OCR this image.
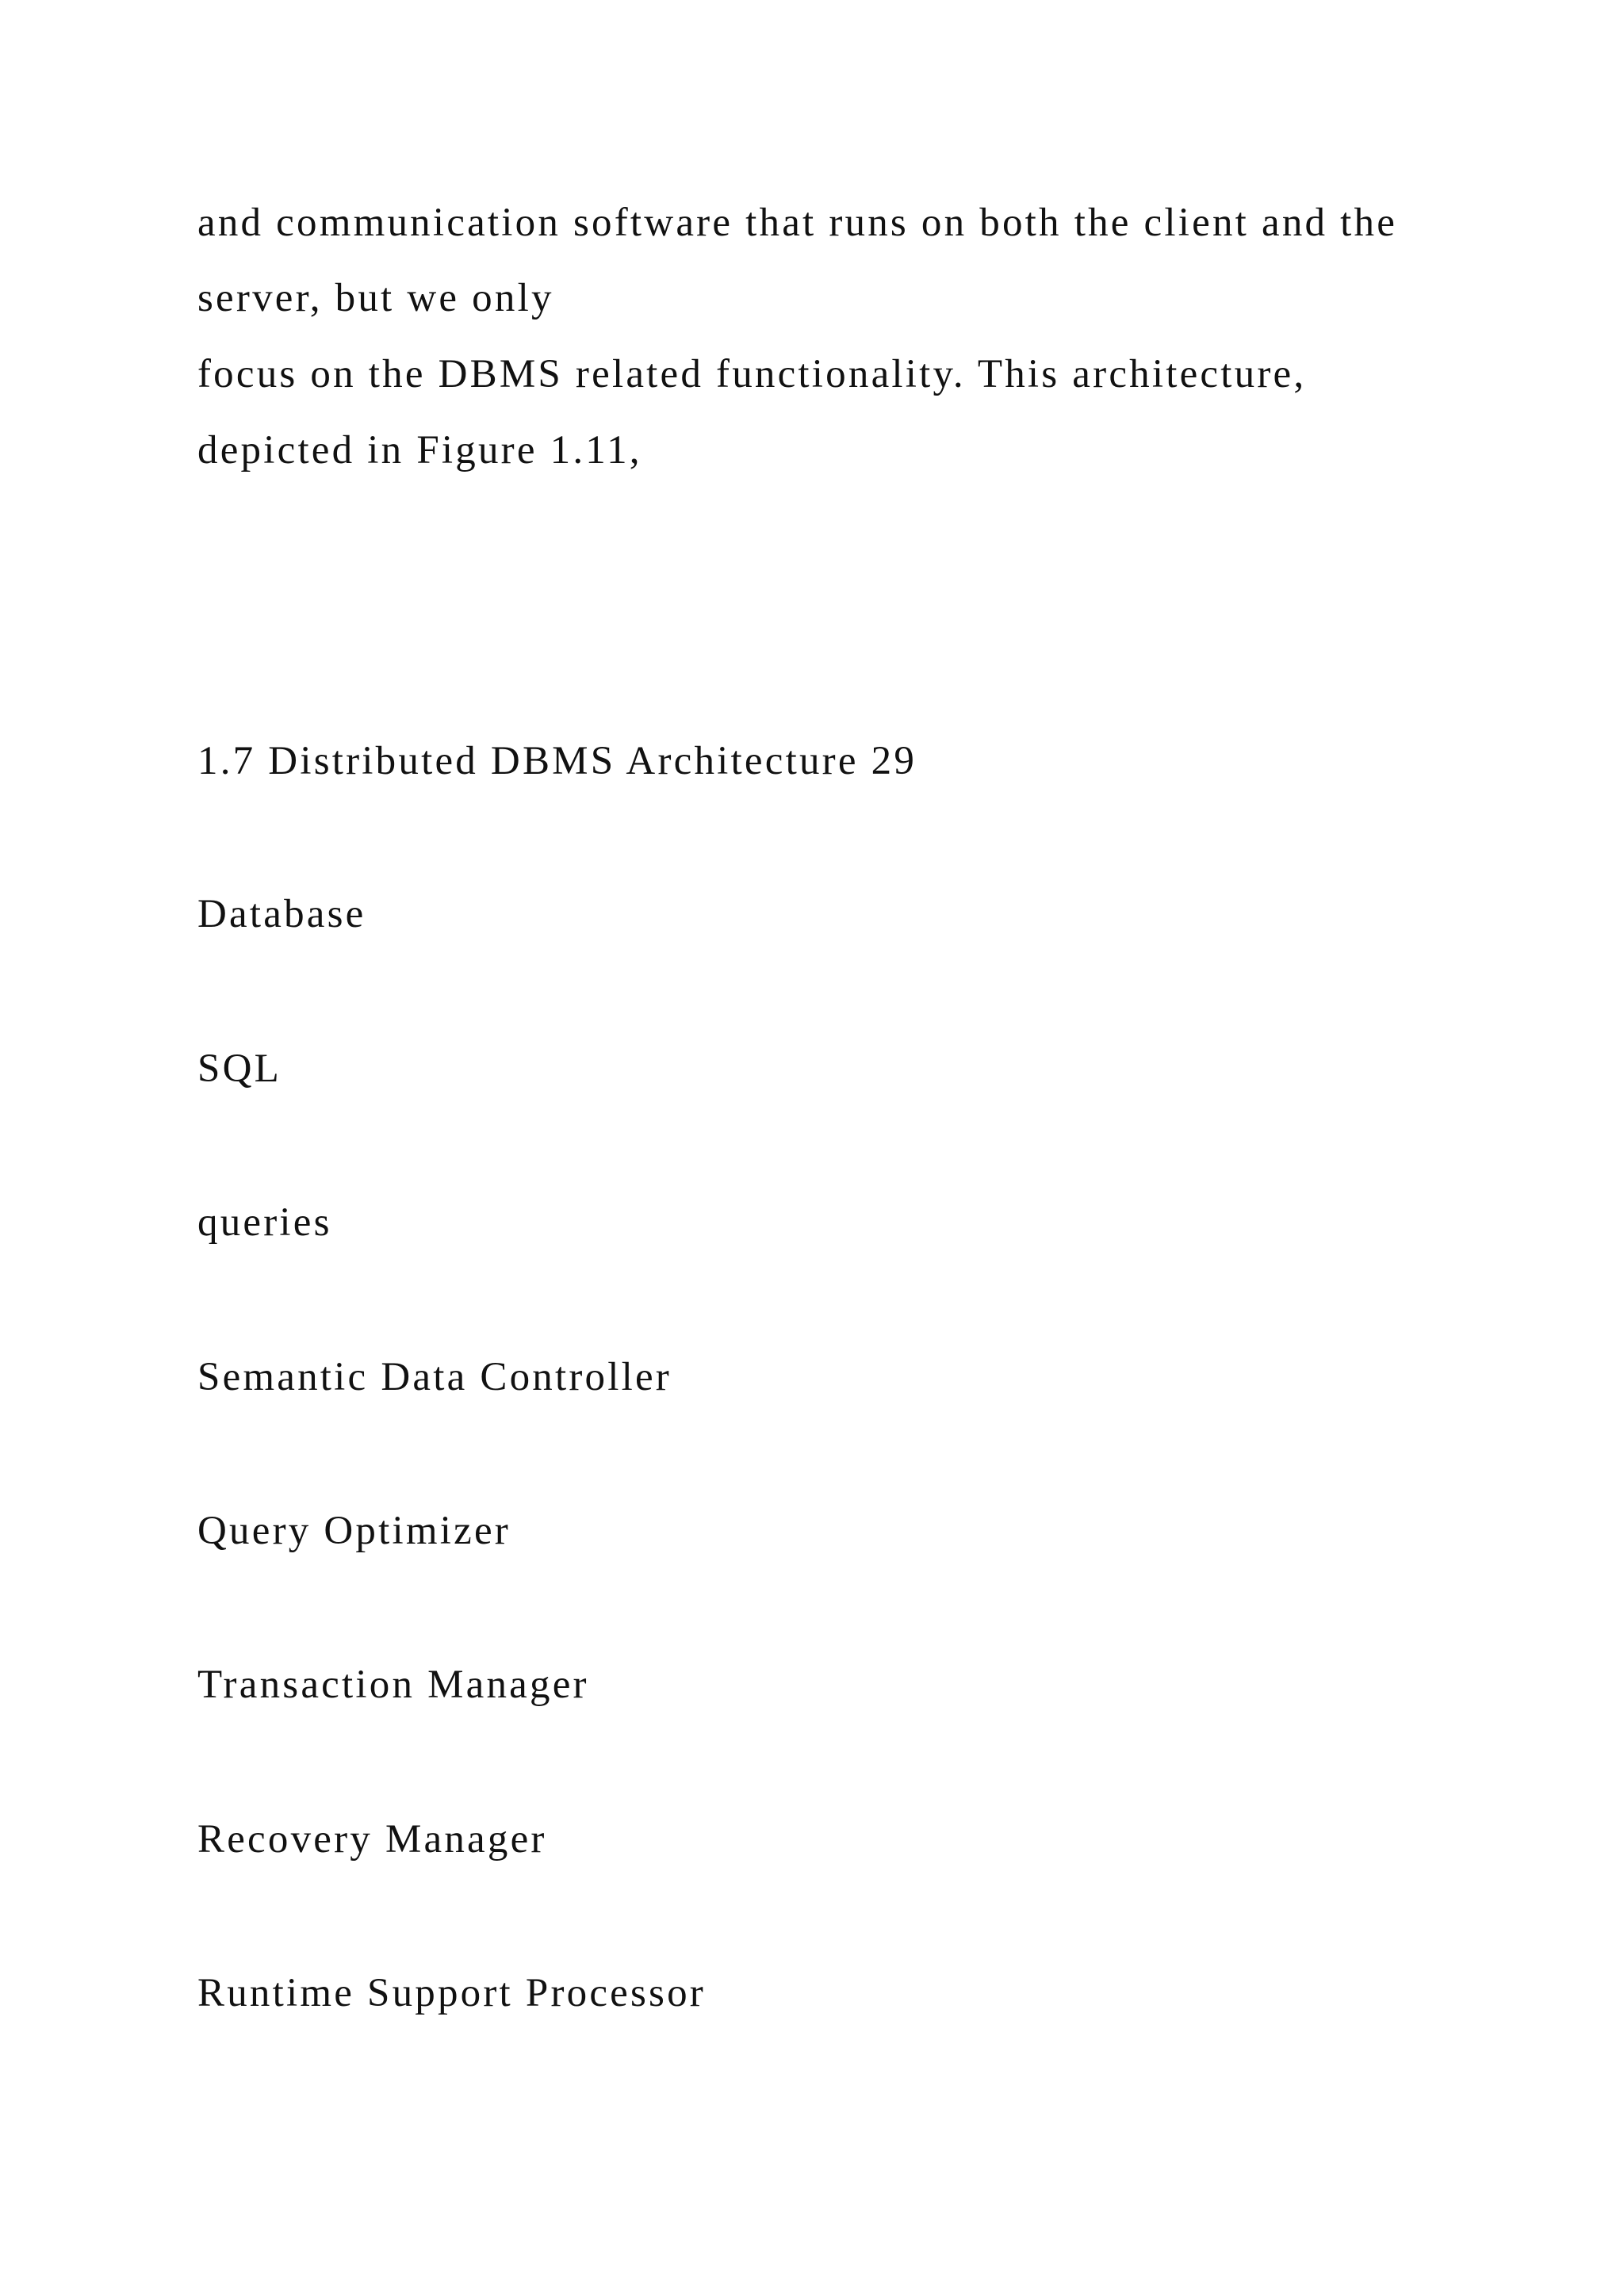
and communication software that runs on both the client and the
server, but we only
focus on the DBMS related functionality. This architecture,
depicted in Figure 1.11,
1.7 Distributed DBMS Architecture 29
Database
SQL
queries
Semantic Data Controller
Query Optimizer
Transaction Manager
Recovery Manager
Runtime Support Processor
